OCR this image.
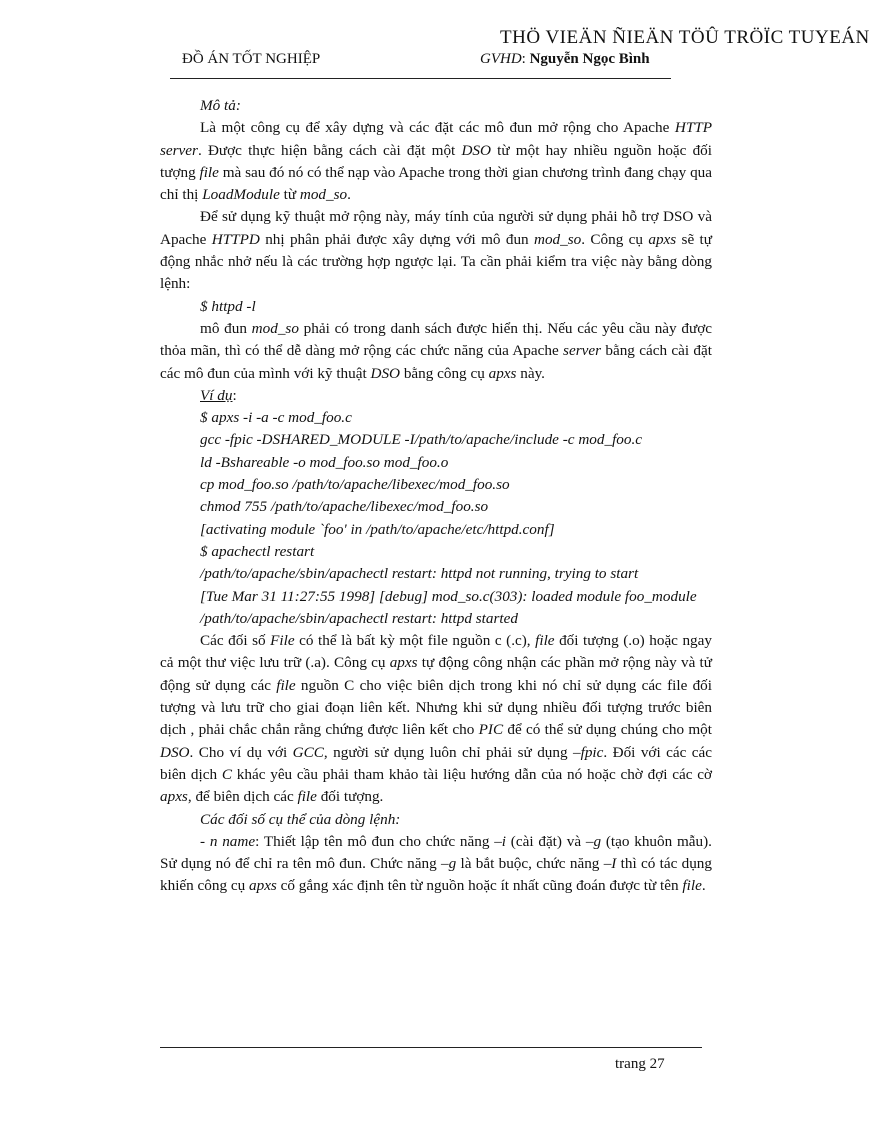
THÖ VIEÄN ÑIEÄN TÖÛ TRÖÏC TUYEÁN
ĐỒ ÁN TỐT NGHIỆP	GVHD: Nguyễn Ngọc Bình

Mô tả:

Là một công cụ để xây dựng và các đặt các mô đun mở rộng cho Apache HTTP server. Được thực hiện bằng cách cài đặt một DSO từ một hay nhiều nguồn hoặc đối tượng file mà sau đó nó có thể nạp vào Apache trong thời gian chương trình đang chạy qua chỉ thị LoadModule từ mod_so.

Để sử dụng kỹ thuật mở rộng này, máy tính của người sử dụng phải hỗ trợ DSO và Apache HTTPD nhị phân phải được xây dựng với mô đun mod_so. Công cụ apxs sẽ tự động nhắc nhở nếu là các trường hợp ngược lại. Ta cần phải kiểm tra việc này bằng dòng lệnh:

$ httpd -l

mô đun mod_so phải có trong danh sách được hiển thị. Nếu các yêu cầu này được thỏa mãn, thì có thể dễ dàng mở rộng các chức năng của Apache server bằng cách cài đặt các mô đun của mình với kỹ thuật DSO bằng công cụ apxs này.

Ví dụ:

$ apxs -i -a -c mod_foo.c

gcc -fpic -DSHARED_MODULE -I/path/to/apache/include -c mod_foo.c

ld -Bshareable -o mod_foo.so mod_foo.o

cp mod_foo.so /path/to/apache/libexec/mod_foo.so

chmod 755 /path/to/apache/libexec/mod_foo.so

[activating module `foo' in /path/to/apache/etc/httpd.conf]

$ apachectl restart

/path/to/apache/sbin/apachectl restart: httpd not running, trying to start

[Tue Mar 31 11:27:55 1998] [debug] mod_so.c(303): loaded module foo_module

/path/to/apache/sbin/apachectl restart: httpd started

Các đối số File có thể là bất kỳ một file nguồn c (.c), file đối tượng (.o) hoặc ngay cả một thư việc lưu trữ (.a). Công cụ apxs tự động công nhận các phần mở rộng này và tử động sử dụng các file nguồn C cho việc biên dịch trong khi nó chỉ sử dụng các file đối tượng và lưu trữ cho giai đoạn liên kết. Nhưng khi sử dụng nhiều đối tượng trước biên dịch , phải chắc chắn rằng chứng được liên kết cho PIC để có thể sử dụng chúng cho một DSO. Cho ví dụ với GCC, người sử dụng luôn chỉ phải sử dụng –fpic. Đối với các các biên dịch C khác yêu cầu phải tham khảo tài liệu hướng dẫn của nó hoặc chờ đợi các cờ apxs, để biên dịch các file đối tượng.

Các đối số cụ thể của dòng lệnh:

- n name: Thiết lập tên mô đun cho chức năng –i (cài đặt) và –g (tạo khuôn mẫu). Sử dụng nó để chỉ ra tên mô đun. Chức năng –g là bắt buộc, chức năng –I thì có tác dụng khiến công cụ apxs cố gắng xác định tên từ nguồn hoặc ít nhất cũng đoán được từ tên file.

trang 27
